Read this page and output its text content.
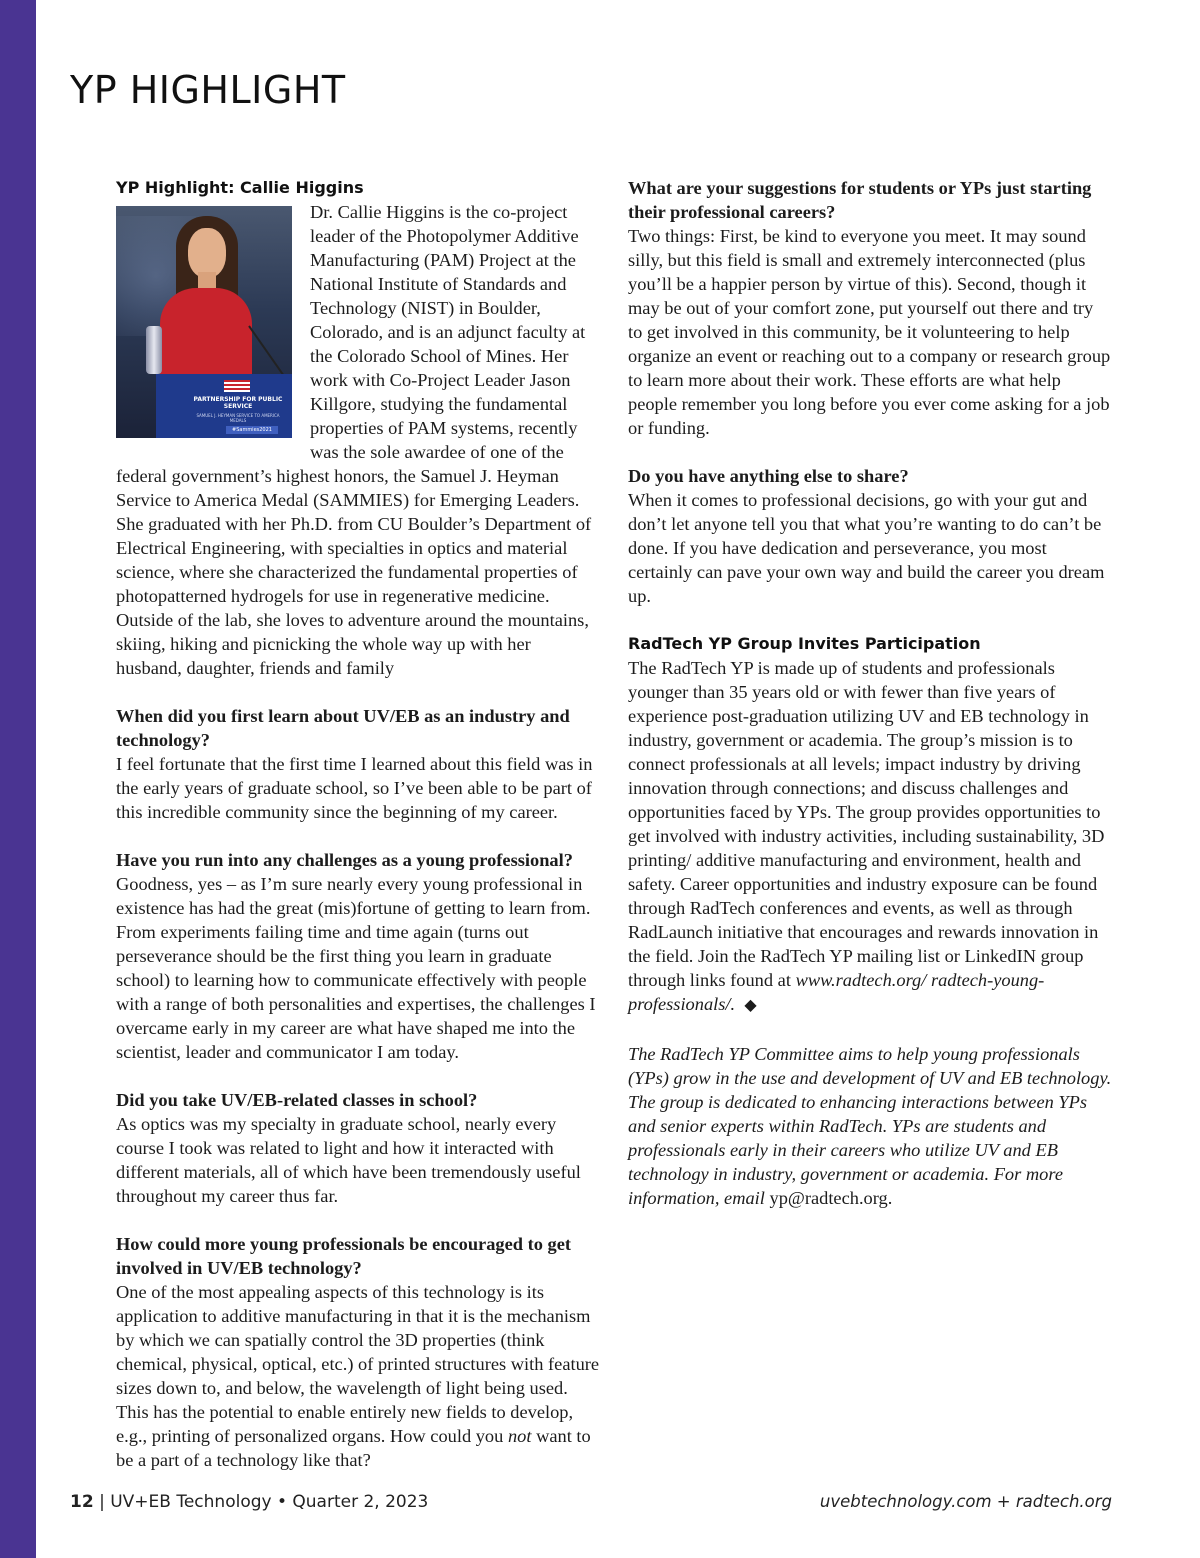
YP HIGHLIGHT
YP Highlight: Callie Higgins
PARTNERSHIP FOR PUBLIC SERVICE
SAMUEL J. HEYMAN SERVICE TO AMERICA MEDALS
#Sammies2021

Dr. Callie Higgins is the co-project leader of the Photopolymer Additive Manufacturing (PAM) Project at the National Institute of Standards and Technology (NIST) in Boulder, Colorado, and is an adjunct faculty at the Colorado School of Mines. Her work with Co-Project Leader Jason Killgore, studying the fundamental properties of PAM systems, recently was the sole awardee of one of the federal government’s highest honors, the Samuel J. Heyman Service to America Medal (SAMMIES) for Emerging Leaders. She graduated with her Ph.D. from CU Boulder’s Department of Electrical Engineering, with specialties in optics and material science, where she characterized the fundamental properties of photopatterned hydrogels for use in regenerative medicine. Outside of the lab, she loves to adventure around the mountains, skiing, hiking and picnicking the whole way up with her husband, daughter, friends and family

When did you first learn about UV/EB as an industry and technology?

I feel fortunate that the first time I learned about this field was in the early years of graduate school, so I’ve been able to be part of this incredible community since the beginning of my career.

Have you run into any challenges as a young professional?

Goodness, yes – as I’m sure nearly every young professional in existence has had the great (mis)fortune of getting to learn from. From experiments failing time and time again (turns out perseverance should be the first thing you learn in graduate school) to learning how to communicate effectively with people with a range of both personalities and expertises, the challenges I overcame early in my career are what have shaped me into the scientist, leader and communicator I am today.

Did you take UV/EB-related classes in school?

As optics was my specialty in graduate school, nearly every course I took was related to light and how it interacted with different materials, all of which have been tremendously useful throughout my career thus far.

How could more young professionals be encouraged to get involved in UV/EB technology?

One of the most appealing aspects of this technology is its application to additive manufacturing in that it is the mechanism by which we can spatially control the 3D properties (think chemical, physical, optical, etc.) of printed structures with feature sizes down to, and below, the wavelength of light being used. This has the potential to enable entirely new fields to develop, e.g., printing of personalized organs. How could you not want to be a part of a technology like that?

What are your suggestions for students or YPs just starting their professional careers?

Two things: First, be kind to everyone you meet. It may sound silly, but this field is small and extremely interconnected (plus you’ll be a happier person by virtue of this). Second, though it may be out of your comfort zone, put yourself out there and try to get involved in this community, be it volunteering to help organize an event or reaching out to a company or research group to learn more about their work. These efforts are what help people remember you long before you ever come asking for a job or funding.

Do you have anything else to share?

When it comes to professional decisions, go with your gut and don’t let anyone tell you that what you’re wanting to do can’t be done. If you have dedication and perseverance, you most certainly can pave your own way and build the career you dream up.

RadTech YP Group Invites Participation

The RadTech YP is made up of students and professionals younger than 35 years old or with fewer than five years of experience post-graduation utilizing UV and EB technology in industry, government or academia. The group’s mission is to connect professionals at all levels; impact industry by driving innovation through connections; and discuss challenges and opportunities faced by YPs. The group provides opportunities to get involved with industry activities, including sustainability, 3D printing/ additive manufacturing and environment, health and safety. Career opportunities and industry exposure can be found through RadTech conferences and events, as well as through RadLaunch initiative that encourages and rewards innovation in the field. Join the RadTech YP mailing list or LinkedIN group through links found at www.radtech.org/ radtech-young-professionals/. ◆

The RadTech YP Committee aims to help young professionals (YPs) grow in the use and development of UV and EB technology. The group is dedicated to enhancing interactions between YPs and senior experts within RadTech. YPs are students and professionals early in their careers who utilize UV and EB technology in industry, government or academia. For more information, email yp@radtech.org.

12 | UV+EB Technology • Quarter 2, 2023	uvebtechnology.com + radtech.org
